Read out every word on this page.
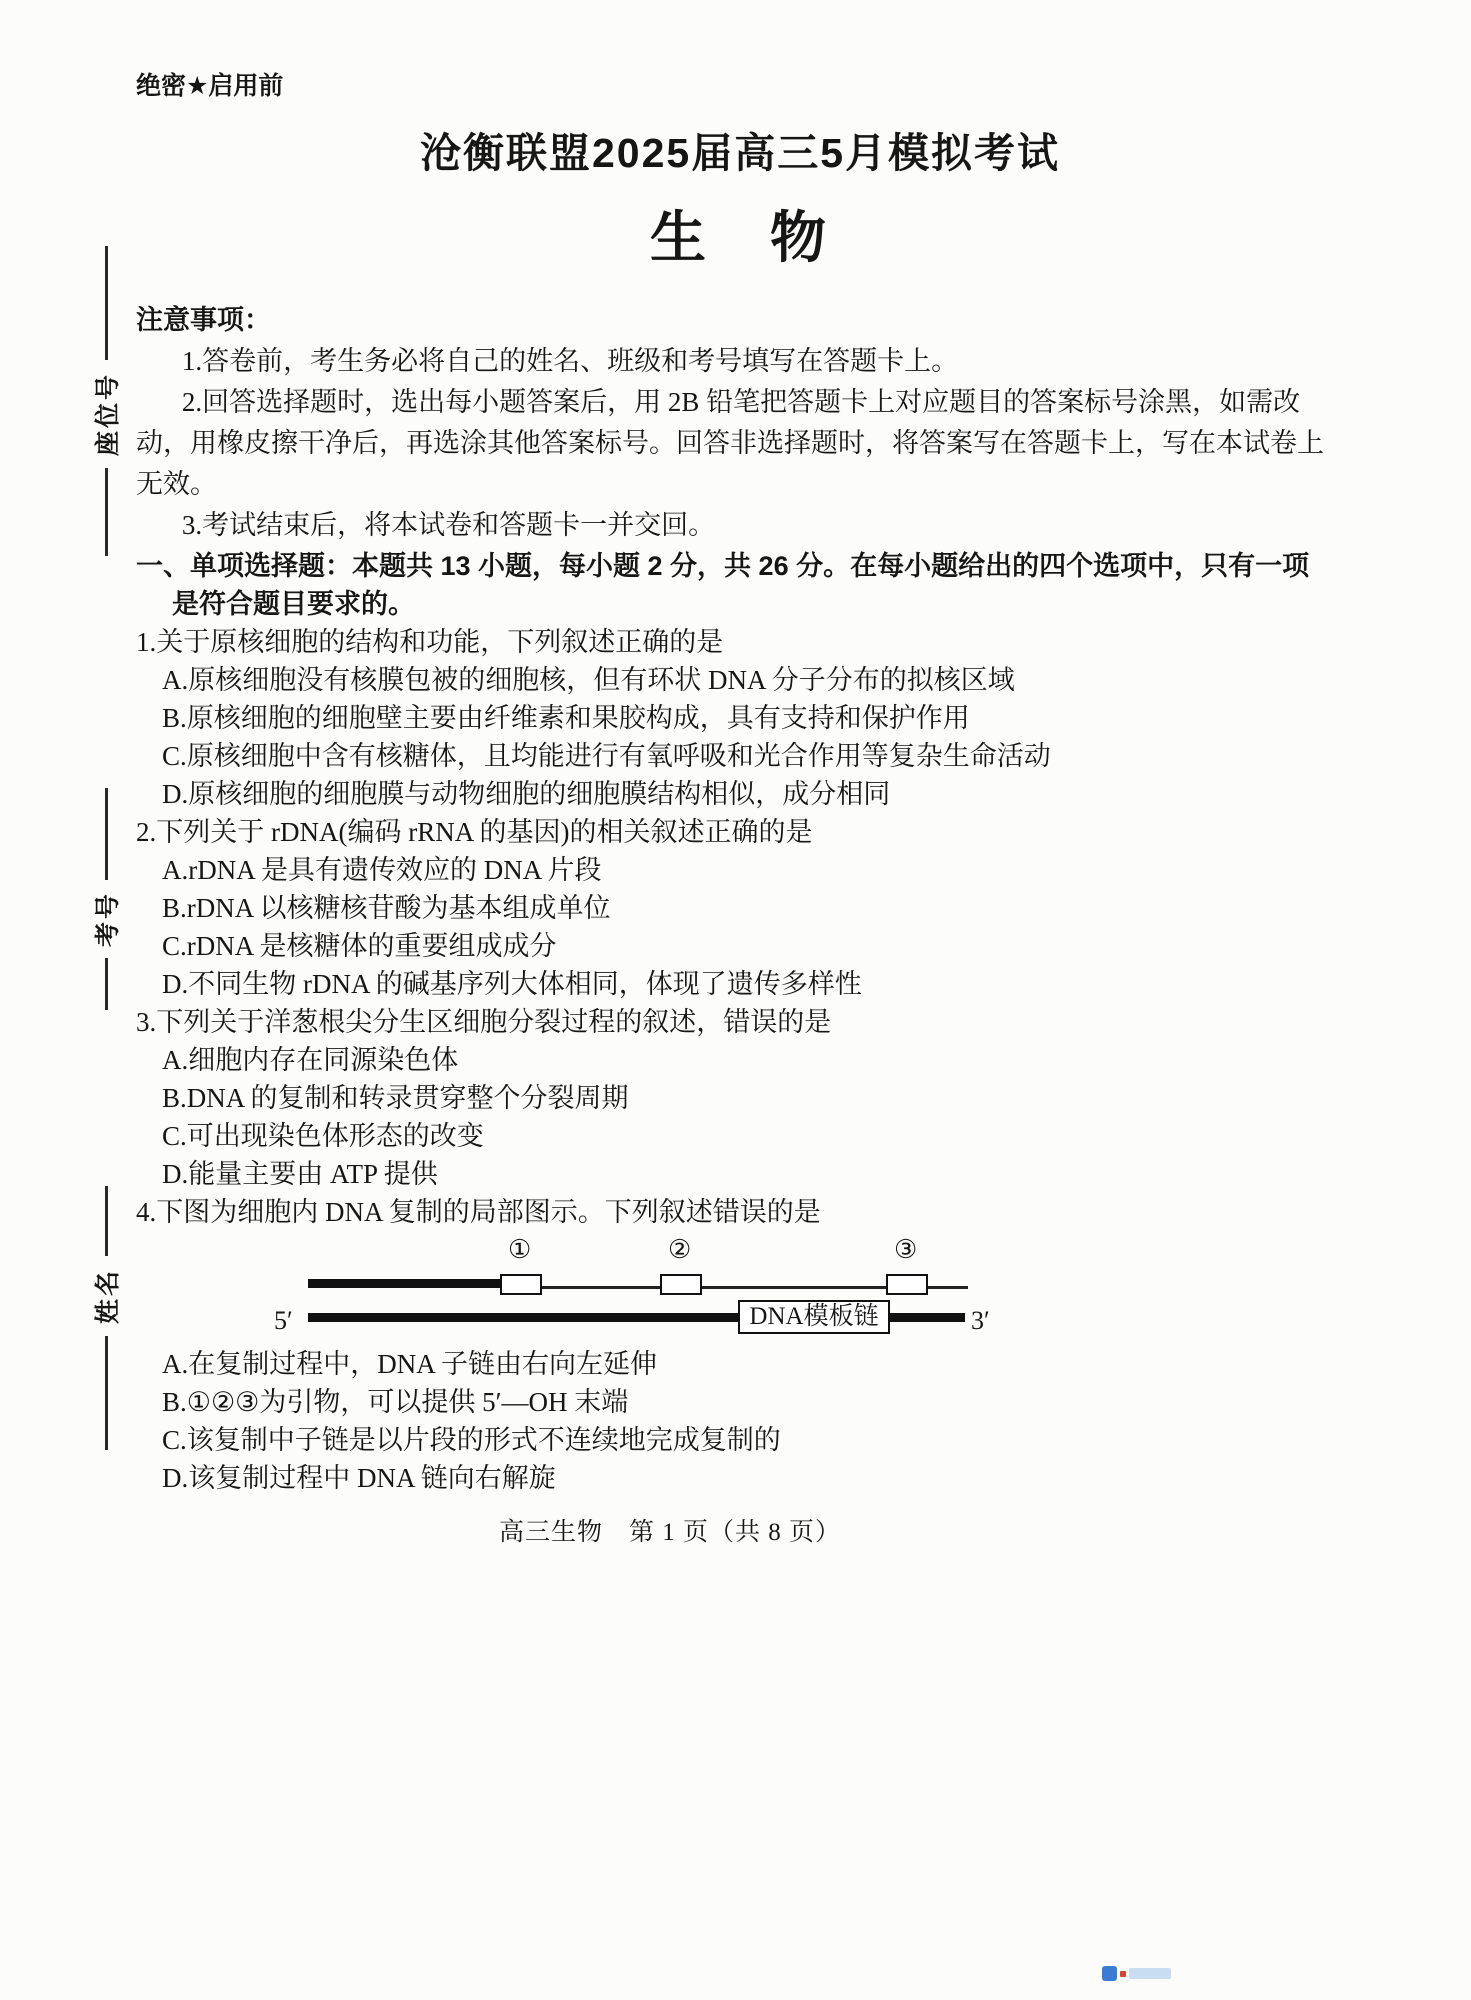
绝密★启用前
沧衡联盟2025届高三5月模拟考试
生　物
座位号
考号
姓名
注意事项：
1.答卷前，考生务必将自己的姓名、班级和考号填写在答题卡上。
2.回答选择题时，选出每小题答案后，用 2B 铅笔把答题卡上对应题目的答案标号涂黑，如需改动，用橡皮擦干净后，再选涂其他答案标号。回答非选择题时，将答案写在答题卡上，写在本试卷上无效。
3.考试结束后，将本试卷和答题卡一并交回。
一、单项选择题：本题共 13 小题，每小题 2 分，共 26 分。在每小题给出的四个选项中，只有一项
是符合题目要求的。
1.关于原核细胞的结构和功能，下列叙述正确的是
A.原核细胞没有核膜包被的细胞核，但有环状 DNA 分子分布的拟核区域
B.原核细胞的细胞壁主要由纤维素和果胶构成，具有支持和保护作用
C.原核细胞中含有核糖体，且均能进行有氧呼吸和光合作用等复杂生命活动
D.原核细胞的细胞膜与动物细胞的细胞膜结构相似，成分相同
2.下列关于 rDNA(编码 rRNA 的基因)的相关叙述正确的是
A.rDNA 是具有遗传效应的 DNA 片段
B.rDNA 以核糖核苷酸为基本组成单位
C.rDNA 是核糖体的重要组成成分
D.不同生物 rDNA 的碱基序列大体相同，体现了遗传多样性
3.下列关于洋葱根尖分生区细胞分裂过程的叙述，错误的是
A.细胞内存在同源染色体
B.DNA 的复制和转录贯穿整个分裂周期
C.可出现染色体形态的改变
D.能量主要由 ATP 提供
4.下图为细胞内 DNA 复制的局部图示。下列叙述错误的是
①	②	③
DNA模板链
5′	3′
A.在复制过程中，DNA 子链由右向左延伸
B.①②③为引物，可以提供 5′—OH 末端
C.该复制中子链是以片段的形式不连续地完成复制的
D.该复制过程中 DNA 链向右解旋
高三生物　第 1 页（共 8 页）
